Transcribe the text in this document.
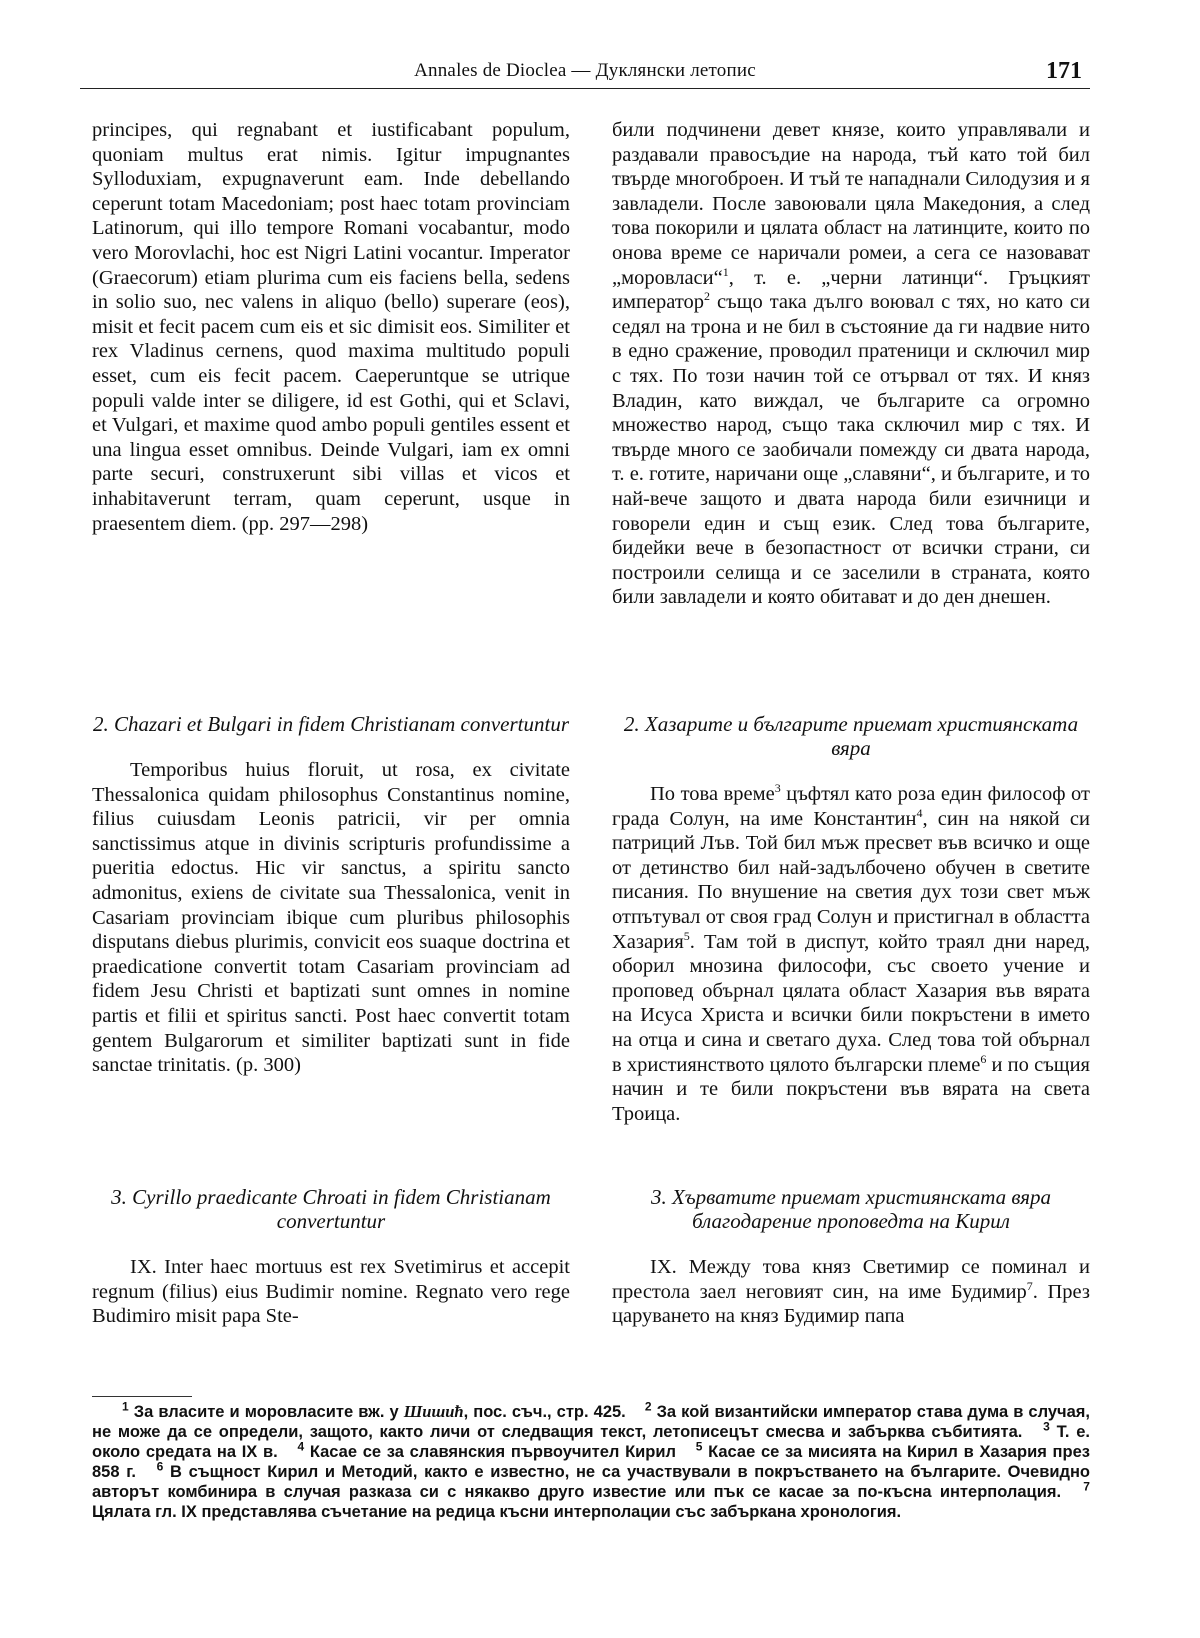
Annales de Dioclea — Дуклянски летопис	171

principes, qui regnabant et iustificabant populum, quoniam multus erat nimis. Igitur impugnantes Sylloduxiam, expugnaverunt eam. Inde debellando ceperunt totam Macedoniam; post haec totam provinciam Latinorum, qui illo tempore Romani vocabantur, modo vero Morovlachi, hoc est Nigri Latini vocantur. Imperator (Graecorum) etiam plurima cum eis faciens bella, sedens in solio suo, nec valens in aliquo (bello) superare (eos), misit et fecit pacem cum eis et sic dimisit eos. Similiter et rex Vladinus cernens, quod maxima multitudo populi esset, cum eis fecit pacem. Caeperuntque se utrique populi valde inter se diligere, id est Gothi, qui et Sclavi, et Vulgari, et maxime quod ambo populi gentiles essent et una lingua esset omnibus. Deinde Vulgari, iam ex omni parte securi, construxerunt sibi villas et vicos et inhabitaverunt terram, quam ceperunt, usque in praesentem diem. (pp. 297—298)

2. Chazari et Bulgari in fidem Christianam convertuntur

Temporibus huius floruit, ut rosa, ex civitate Thessalonica quidam philosophus Constantinus nomine, filius cuiusdam Leonis patricii, vir per omnia sanctissimus atque in divinis scripturis profundissime a pueritia edoctus. Hic vir sanctus, a spiritu sancto admonitus, exiens de civitate sua Thessalonica, venit in Casariam provinciam ibique cum pluribus philosophis disputans diebus plurimis, convicit eos suaque doctrina et praedicatione convertit totam Casariam provinciam ad fidem Jesu Christi et baptizati sunt omnes in nomine partis et filii et spiritus sancti. Post haec convertit totam gentem Bulgarorum et similiter baptizati sunt in fide sanctae trinitatis. (p. 300)

3. Cyrillo praedicante Chroati in fidem Christianam convertuntur

IX. Inter haec mortuus est rex Svetimirus et accepit regnum (filius) eius Budimir nomine. Regnato vero rege Budimiro misit papa Ste-

били подчинени девет князе, които управлявали и раздавали правосъдие на народа, тъй като той бил твърде многоброен. И тъй те нападнали Силодузия и я завладели. После завоювали цяла Македония, а след това покорили и цялата област на латинците, които по онова време се наричали ромеи, а сега се назовават „моровласи“$^1$, т. е. „черни латинци“. Гръцкият император$^2$ също така дълго воювал с тях, но като си седял на трона и не бил в състояние да ги надвие нито в едно сражение, проводил пратеници и сключил мир с тях. По този начин той се отървал от тях. И княз Владин, като виждал, че българите са огромно множество народ, също така сключил мир с тях. И твърде много се заобичали помежду си двата народа, т. е. готите, наричани още „славяни“, и българите, и то най-вече защото и двата народа били езичници и говорели един и същ език. След това българите, бидейки вече в безопастност от всички страни, си построили селища и се заселили в страната, която били завладели и която обитават и до ден днешен.

2. Хазарите и българите приемат християнската вяра

По това време$^3$ цъфтял като роза един философ от града Солун, на име Константин$^4$, син на някой си патриций Лъв. Той бил мъж пресвет във всичко и още от детинство бил най-задълбочено обучен в светите писания. По внушение на светия дух този свет мъж отпътувал от своя град Солун и пристигнал в областта Хазария$^5$. Там той в диспут, който траял дни наред, оборил мнозина философи, със своето учение и проповед обърнал цялата област Хазария във вярата на Исуса Христа и всички били покръстени в името на отца и сина и светаго духа. След това той обърнал в християнството цялото български племе$^6$ и по същия начин и те били покръстени във вярата на света Троица.

3. Хърватите приемат християнската вяра благодарение проповедта на Кирил

IX. Между това княз Светимир се поминал и престола заел неговият син, на име Будимир$^7$. През царуването на княз Будимир папа

$^1$ За власите и моровласите вж. у Шишић, пос. съч., стр. 425. $^2$ За кой византийски император става дума в случая, не може да се определи, защото, както личи от следващия текст, летописецът смесва и забърква събитията. $^3$ Т. е. около средата на IX в. $^4$ Касае се за славянския първоучител Кирил $^5$ Касае се за мисията на Кирил в Хазария през 858 г. $^6$ В същност Кирил и Методий, както е известно, не са участвували в покръстването на българите. Очевидно авторът комбинира в случая разказа си с някакво друго известие или пък се касае за по-късна интерполация. $^7$ Цялата гл. IX представлява съчетание на редица късни интерполации със забъркана хронология.
